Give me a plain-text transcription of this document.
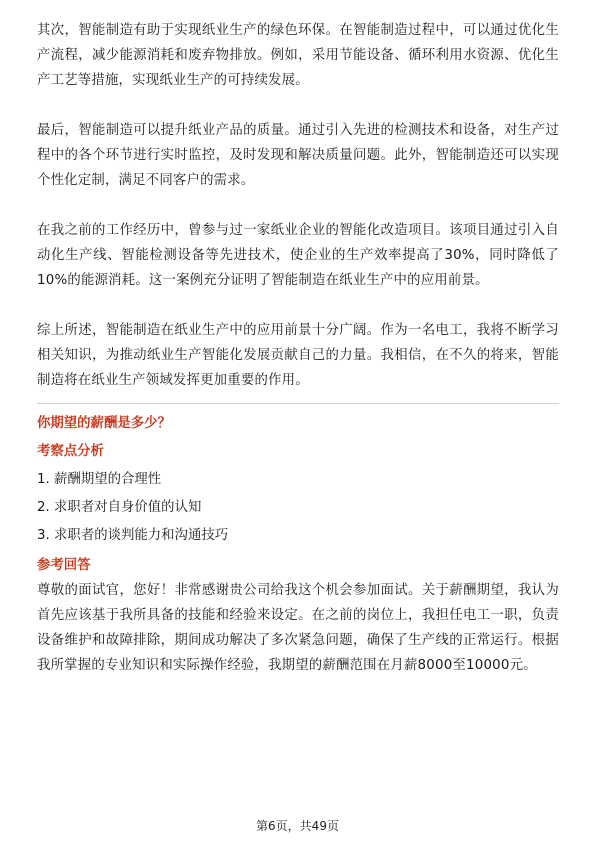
其次，智能制造有助于实现纸业生产的绿色环保。在智能制造过程中，可以通过优化生产流程，减少能源消耗和废弃物排放。例如，采用节能设备、循环利用水资源、优化生产工艺等措施，实现纸业生产的可持续发展。

最后，智能制造可以提升纸业产品的质量。通过引入先进的检测技术和设备，对生产过程中的各个环节进行实时监控，及时发现和解决质量问题。此外，智能制造还可以实现个性化定制，满足不同客户的需求。

在我之前的工作经历中，曾参与过一家纸业企业的智能化改造项目。该项目通过引入自动化生产线、智能检测设备等先进技术，使企业的生产效率提高了30%，同时降低了10%的能源消耗。这一案例充分证明了智能制造在纸业生产中的应用前景。

综上所述，智能制造在纸业生产中的应用前景十分广阔。作为一名电工，我将不断学习相关知识，为推动纸业生产智能化发展贡献自己的力量。我相信，在不久的将来，智能制造将在纸业生产领域发挥更加重要的作用。

你期望的薪酬是多少？

考察点分析

1. 薪酬期望的合理性
2. 求职者对自身价值的认知
3. 求职者的谈判能力和沟通技巧

参考回答

尊敬的面试官，您好！非常感谢贵公司给我这个机会参加面试。关于薪酬期望，我认为首先应该基于我所具备的技能和经验来设定。在之前的岗位上，我担任电工一职，负责设备维护和故障排除，期间成功解决了多次紧急问题，确保了生产线的正常运行。根据我所掌握的专业知识和实际操作经验，我期望的薪酬范围在月薪8000至10000元。

第6页，共49页
